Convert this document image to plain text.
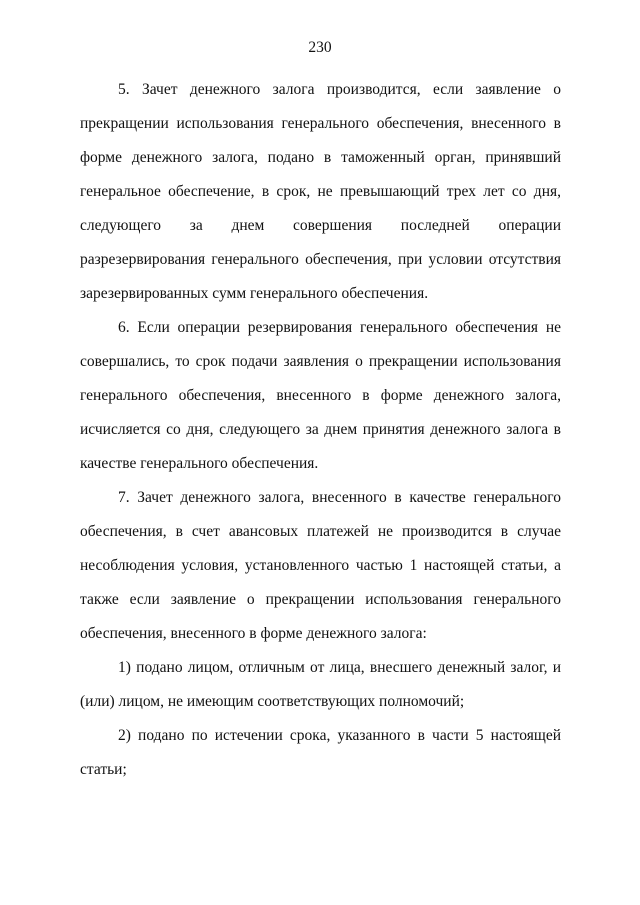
230

5. Зачет денежного залога производится, если заявление о прекращении использования генерального обеспечения, внесенного в форме денежного залога, подано в таможенный орган, принявший генеральное обеспечение, в срок, не превышающий трех лет со дня, следующего за днем совершения последней операции разрезервирования генерального обеспечения, при условии отсутствия зарезервированных сумм генерального обеспечения.

6. Если операции резервирования генерального обеспечения не совершались, то срок подачи заявления о прекращении использования генерального обеспечения, внесенного в форме денежного залога, исчисляется со дня, следующего за днем принятия денежного залога в качестве генерального обеспечения.

7. Зачет денежного залога, внесенного в качестве генерального обеспечения, в счет авансовых платежей не производится в случае несоблюдения условия, установленного частью 1 настоящей статьи, а также если заявление о прекращении использования генерального обеспечения, внесенного в форме денежного залога:

1) подано лицом, отличным от лица, внесшего денежный залог, и (или) лицом, не имеющим соответствующих полномочий;

2) подано по истечении срока, указанного в части 5 настоящей статьи;
